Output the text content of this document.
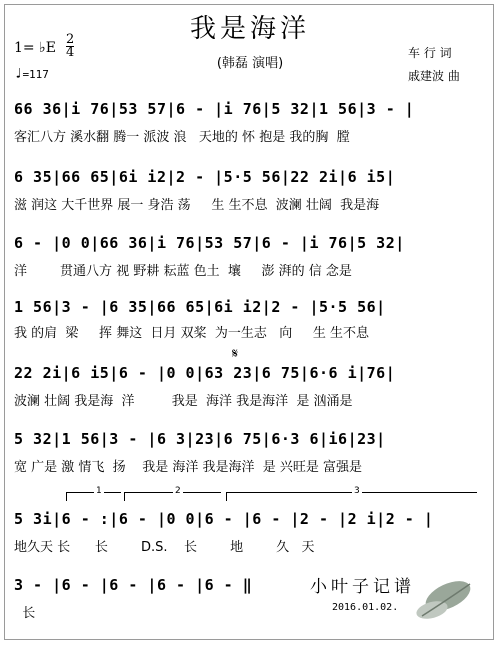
我是海洋
(韩磊 演唱)
1= ♭E
2
4
♩=117
车 行 词
戚建波 曲
66 36|i 76|53 57|6 - |i 76|5 32|1 56|3 - |
客汇八方 溪水翻 腾一 派波 浪   天地的 怀 抱是 我的胸  膛
6 35|66 65|6i i2|2 - |5·5 56|22 2i|6 i5|
滋 润这 大千世界 展一 身浩 荡     生 生不息  波澜 壮阔  我是海
6 - |0 0|66 36|i 76|53 57|6 - |i 76|5 32|
洋        贯通八方 视 野耕 耘蓝 色土  壤     澎 湃的 信 念是
1 56|3 - |6 35|66 65|6i i2|2 - |5·5 56|
我 的肩  梁     挥 舞这  日月 双桨  为一生志   向     生 生不息
𝄋
22 2i|6 i5|6 - |0 0|63 23|6 75|6·6 i|76|
波澜 壮阔 我是海  洋         我是  海洋 我是海洋  是 汹涌是
5 32|1 56|3 - |6 3|23|6 75|6·3 6|i6|23|
宽 广是 激 情飞  扬    我是 海洋 我是海洋  是 兴旺是 富强是
1	2	3
5 3i|6 - :|6 - |0 0|6 - |6 - |2 - |2 i|2 - |
地久天 长      长        D.S.    长        地        久   天
3 - |6 - |6 - |6 - |6 - ‖
长
小叶子记谱
2016.01.02.
